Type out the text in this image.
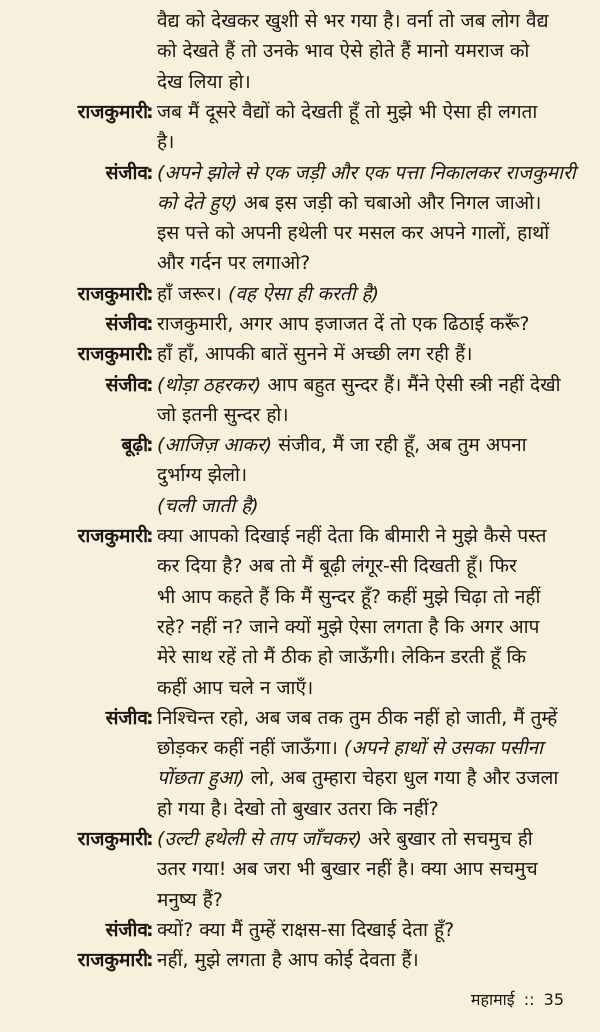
वैद्य को देखकर खुशी से भर गया है। वर्ना तो जब लोग वैद्य
को देखते हैं तो उनके भाव ऐसे होते हैं मानो यमराज को
देख लिया हो।
राजकुमारी
: जब मैं दूसरे वैद्यों को देखती हूँ तो मुझे भी ऐसा ही लगता
है।
संजीव
: (अपने झोले से एक जड़ी और एक पत्ता निकालकर राजकुमारी
को देते हुए) अब इस जड़ी को चबाओ और निगल जाओ।
इस पत्ते को अपनी हथेली पर मसल कर अपने गालों, हाथों
और गर्दन पर लगाओ?
राजकुमारी
: हाँ जरूर। (वह ऐसा ही करती है)
संजीव
: राजकुमारी, अगर आप इजाजत दें तो एक ढिठाई करूँ?
राजकुमारी
: हाँ हाँ, आपकी बातें सुनने में अच्छी लग रही हैं।
संजीव
: (थोड़ा ठहरकर) आप बहुत सुन्दर हैं। मैंने ऐसी स्त्री नहीं देखी
जो इतनी सुन्दर हो।
बूढ़ी
: (आजिज़ आकर) संजीव, मैं जा रही हूँ, अब तुम अपना
दुर्भाग्य झेलो।
(चली जाती है)
राजकुमारी
: क्या आपको दिखाई नहीं देता कि बीमारी ने मुझे कैसे पस्त
कर दिया है? अब तो मैं बूढ़ी लंगूर-सी दिखती हूँ। फिर
भी आप कहते हैं कि मैं सुन्दर हूँ? कहीं मुझे चिढ़ा तो नहीं
रहे? नहीं न? जाने क्यों मुझे ऐसा लगता है कि अगर आप
मेरे साथ रहें तो मैं ठीक हो जाऊँगी। लेकिन डरती हूँ कि
कहीं आप चले न जाएँ।
संजीव
: निश्चिन्त रहो, अब जब तक तुम ठीक नहीं हो जाती, मैं तुम्हें
छोड़कर कहीं नहीं जाऊँगा। (अपने हाथों से उसका पसीना
पोंछता हुआ) लो, अब तुम्हारा चेहरा धुल गया है और उजला
हो गया है। देखो तो बुखार उतरा कि नहीं?
राजकुमारी
: (उल्टी हथेली से ताप जाँचकर) अरे बुखार तो सचमुच ही
उतर गया! अब जरा भी बुखार नहीं है। क्या आप सचमुच
मनुष्य हैं?
संजीव
: क्यों? क्या मैं तुम्हें राक्षस-सा दिखाई देता हूँ?
राजकुमारी
: नहीं, मुझे लगता है आप कोई देवता हैं।
महामाई :: 35
